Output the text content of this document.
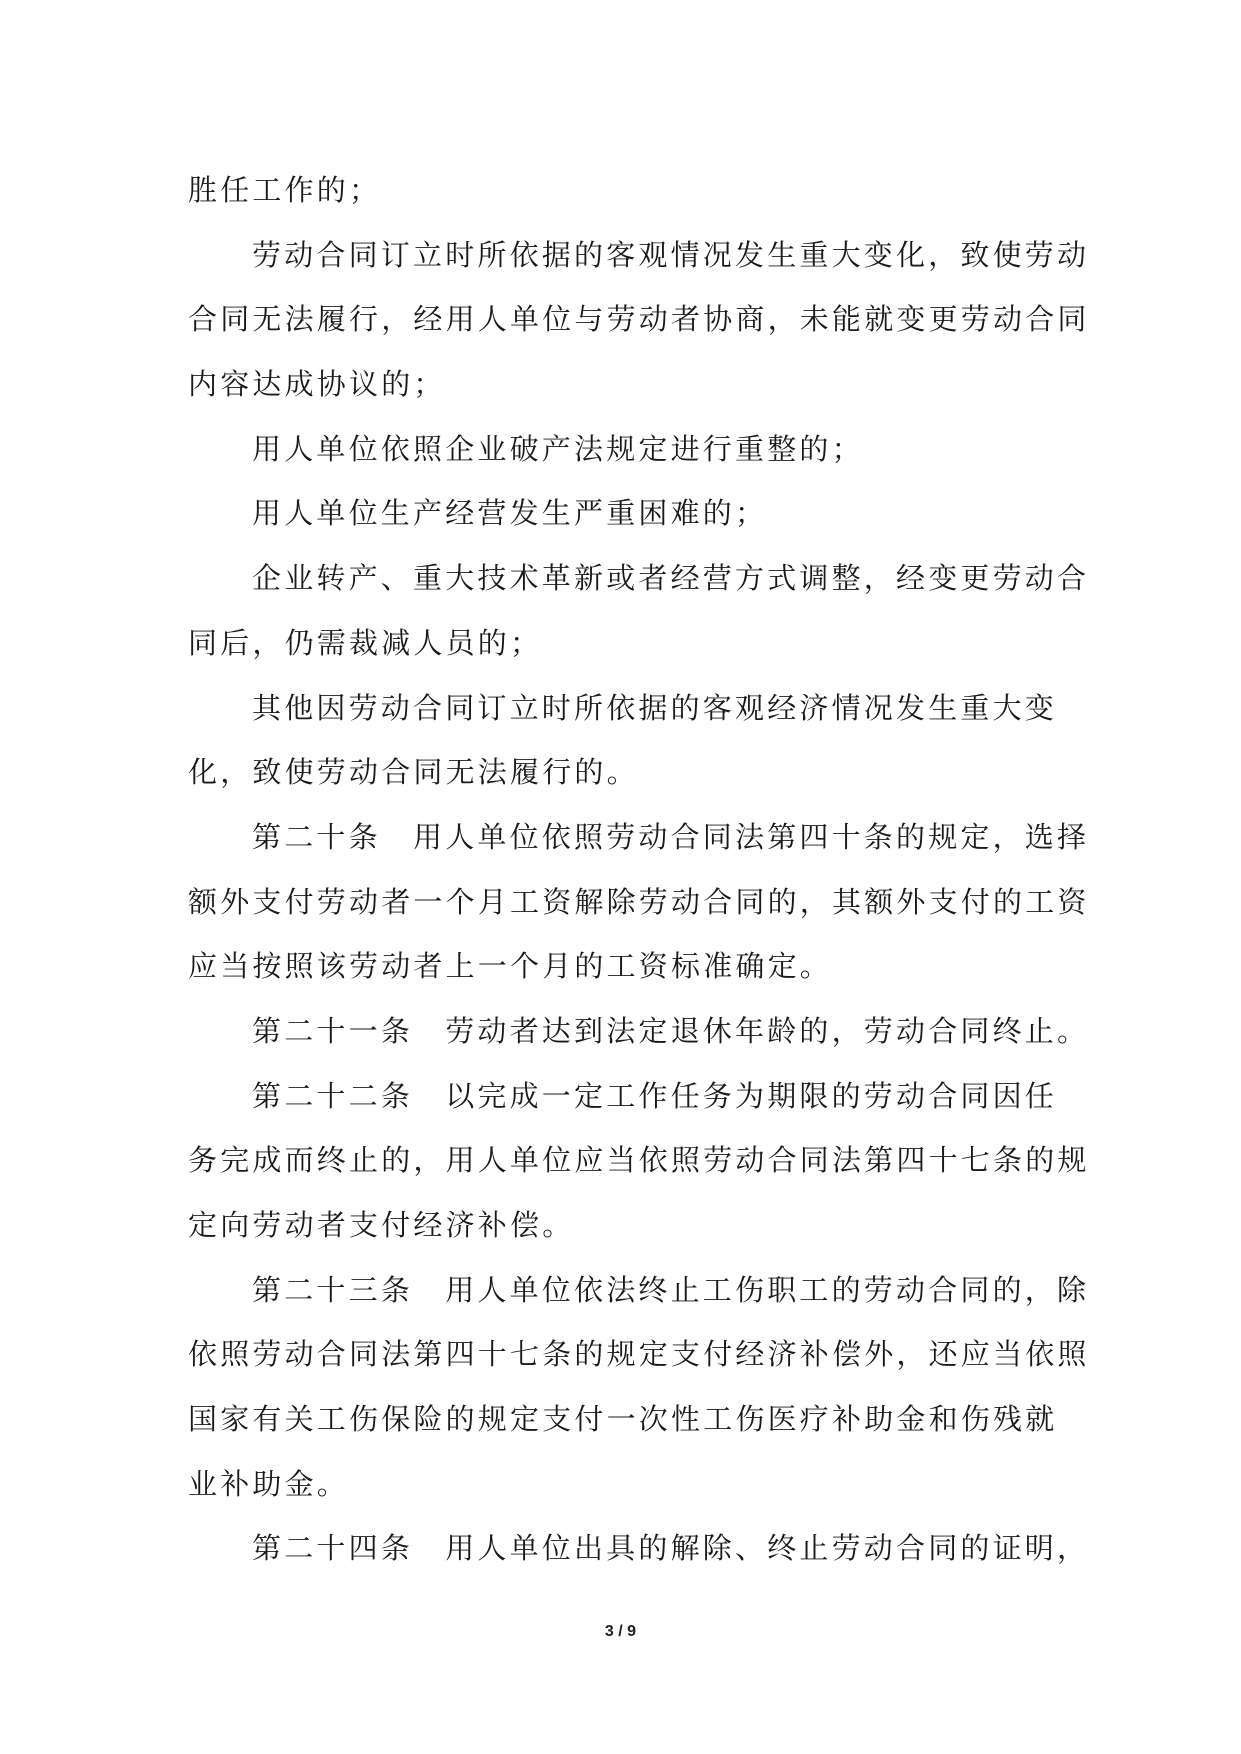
胜任工作的；
劳动合同订立时所依据的客观情况发生重大变化，致使劳动
合同无法履行，经用人单位与劳动者协商，未能就变更劳动合同
内容达成协议的；
用人单位依照企业破产法规定进行重整的；
用人单位生产经营发生严重困难的；
企业转产、重大技术革新或者经营方式调整，经变更劳动合
同后，仍需裁减人员的；
其他因劳动合同订立时所依据的客观经济情况发生重大变
化，致使劳动合同无法履行的。
第二十条　用人单位依照劳动合同法第四十条的规定，选择
额外支付劳动者一个月工资解除劳动合同的，其额外支付的工资
应当按照该劳动者上一个月的工资标准确定。
第二十一条　劳动者达到法定退休年龄的，劳动合同终止。
第二十二条　以完成一定工作任务为期限的劳动合同因任
务完成而终止的，用人单位应当依照劳动合同法第四十七条的规
定向劳动者支付经济补偿。
第二十三条　用人单位依法终止工伤职工的劳动合同的，除
依照劳动合同法第四十七条的规定支付经济补偿外，还应当依照
国家有关工伤保险的规定支付一次性工伤医疗补助金和伤残就
业补助金。
第二十四条　用人单位出具的解除、终止劳动合同的证明，
3 / 9
